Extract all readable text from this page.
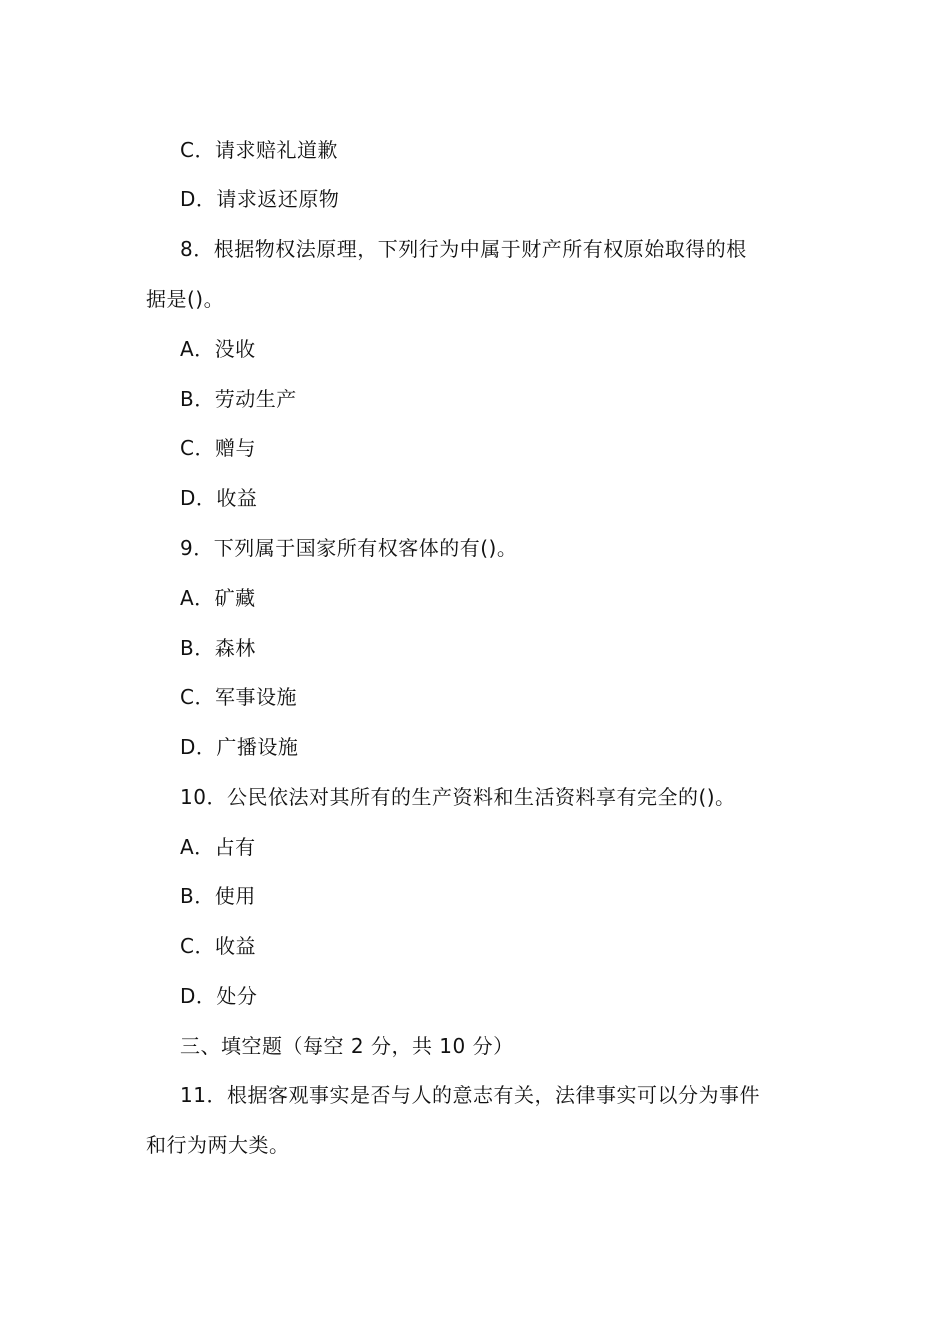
C．请求赔礼道歉
D．请求返还原物
8．根据物权法原理，下列行为中属于财产所有权原始取得的根
据是()。
A．没收
B．劳动生产
C．赠与
D．收益
9．下列属于国家所有权客体的有()。
A．矿藏
B．森林
C．军事设施
D．广播设施
10．公民依法对其所有的生产资料和生活资料享有完全的()。
A．占有
B．使用
C．收益
D．处分
三、填空题（每空 2 分，共 10 分）
11．根据客观事实是否与人的意志有关，法律事实可以分为事件
和行为两大类。
